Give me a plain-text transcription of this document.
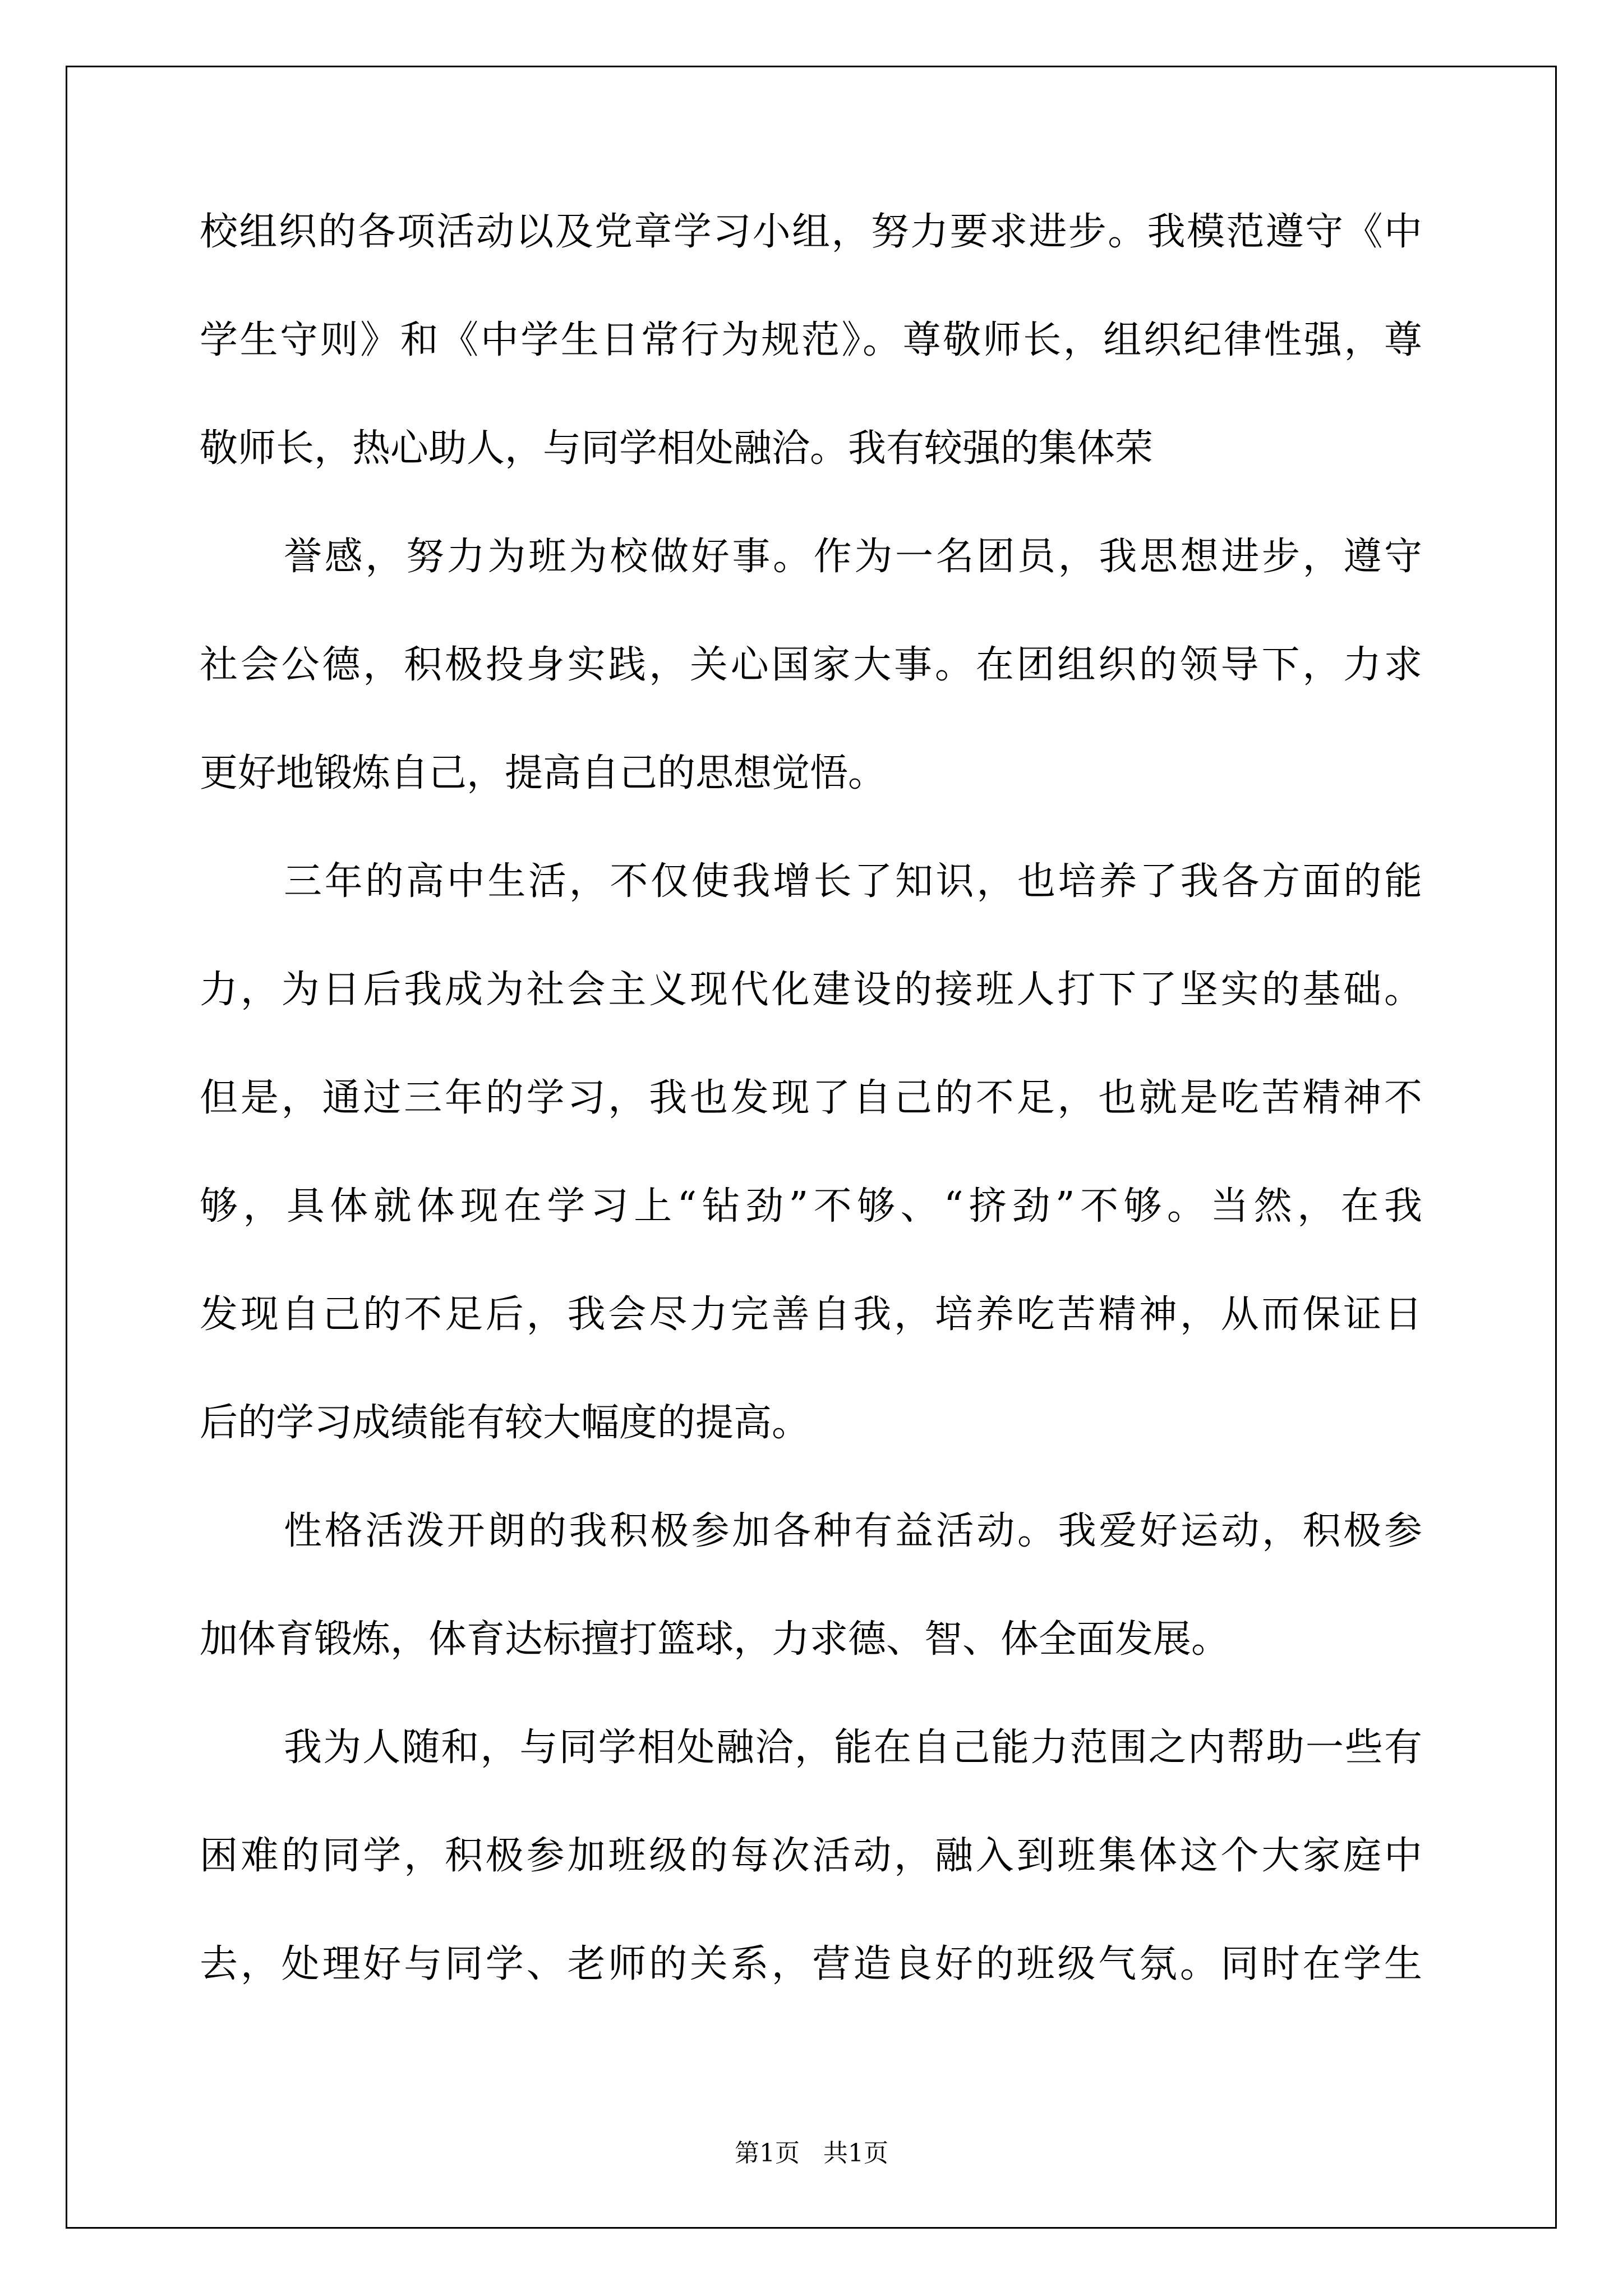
校组织的各项活动以及党章学习小组，努力要求进步。我模范遵守《中
学生守则》和《中学生日常行为规范》。尊敬师长，组织纪律性强，尊
敬师长，热心助人，与同学相处融洽。我有较强的集体荣
誉感，努力为班为校做好事。作为一名团员，我思想进步，遵守
社会公德，积极投身实践，关心国家大事。在团组织的领导下，力求
更好地锻炼自己，提高自己的思想觉悟。
三年的高中生活，不仅使我增长了知识，也培养了我各方面的能
力，为日后我成为社会主义现代化建设的接班人打下了坚实的基础。
但是，通过三年的学习，我也发现了自己的不足，也就是吃苦精神不
够，具体就体现在学习上“钻劲”不够、“挤劲”不够。当然，在我
发现自己的不足后，我会尽力完善自我，培养吃苦精神，从而保证日
后的学习成绩能有较大幅度的提高。
性格活泼开朗的我积极参加各种有益活动。我爱好运动，积极参
加体育锻炼，体育达标擅打篮球，力求德、智、体全面发展。
我为人随和，与同学相处融洽，能在自己能力范围之内帮助一些有
困难的同学，积极参加班级的每次活动，融入到班集体这个大家庭中
去，处理好与同学、老师的关系，营造良好的班级气氛。同时在学生
第1页   共1页
